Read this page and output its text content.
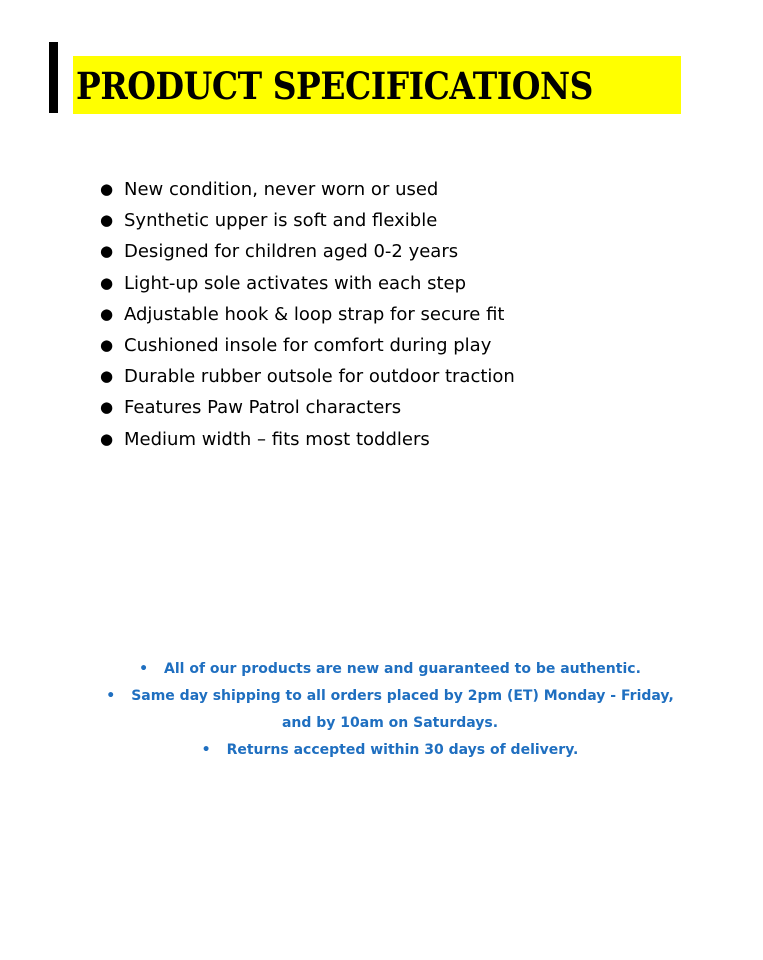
PRODUCT SPECIFICATIONS
● New condition, never worn or used
● Synthetic upper is soft and flexible
● Designed for children aged 0-2 years
● Light-up sole activates with each step
● Adjustable hook & loop strap for secure fit
● Cushioned insole for comfort during play
● Durable rubber outsole for outdoor traction
● Features Paw Patrol characters
● Medium width – fits most toddlers
• All of our products are new and guaranteed to be authentic.
• Same day shipping to all orders placed by 2pm (ET) Monday - Friday, and by 10am on Saturdays.
• Returns accepted within 30 days of delivery.
